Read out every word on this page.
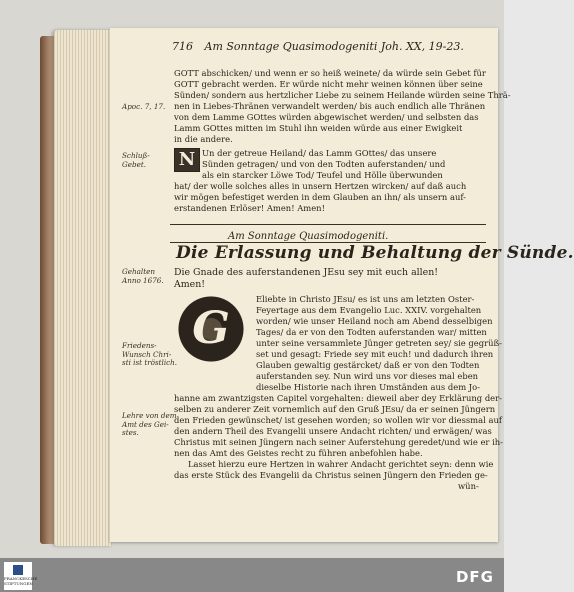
716 Am Sonntage Quasimodogeniti Joh. XX, 19-23.
GOTT abschicken/ und wenn er so heiß weinete/ da würde sein Gebet für
GOTT gebracht werden. Er würde nicht mehr weinen können über seine
Sünden/ sondern aus hertzlicher Liebe zu seinem Heilande würden seine Thrä-
nen in Liebes-Thränen verwandelt werden/ bis auch endlich alle Thränen
von dem Lamme GOttes würden abgewischet werden/ und selbsten das
Lamm GOttes mitten im Stuhl ihn weiden würde aus einer Ewigkeit
in die andere.
Apoc. 7, 17.
Schluß-
Gebet. N Un der getreue Heiland/ das Lamm GOttes/ das unsere
Sünden getragen/ und von den Todten auferstanden/ und
als ein starcker Löwe Tod/ Teufel und Hölle überwunden
hat/ der wolle solches alles in unsern Hertzen wircken/ auf daß auch
wir mögen befestiget werden in dem Glauben an ihn/ als unsern auf-
erstandenen Erlöser! Amen! Amen!
Am Sonntage Quasimodogeniti.
Die Erlassung und Behaltung der Sünde.
Gehalten
Anno 1676.
Die Gnade des auferstandenen JEsu sey mit euch allen!
Amen!
G
Friedens-
Wunsch Chri-
sti ist tröstlich.
Eliebte in Christo JEsu/ es ist uns am letzten Oster-
Feyertage aus dem Evangelio Luc. XXIV. vorgehalten
worden/ wie unser Heiland noch am Abend desselbigen
Tages/ da er von den Todten auferstanden war/ mitten
unter seine versammlete Jünger getreten sey/ sie gegrüß-
set und gesagt: Friede sey mit euch! und dadurch ihren
Glauben gewaltig gestärcket/ daß er von den Todten
auferstanden sey. Nun wird uns vor dieses mal eben
dieselbe Historie nach ihren Umständen aus dem Jo-
Lehre von dem
Amt des Gei-
stes.
hanne am zwantzigsten Capitel vorgehalten: dieweil aber dey Erklärung der-
selben zu anderer Zeit vornemlich auf den Gruß JEsu/ da er seinen Jüngern
den Frieden gewünschet/ ist gesehen worden; so wollen wir vor diessmal auf
den andern Theil des Evangelii unsere Andacht richten/ und erwägen/ was
Christus mit seinen Jüngern nach seiner Auferstehung geredet/und wie er ih-
nen das Amt des Geistes recht zu führen anbefohlen habe.
Lasset hierzu eure Hertzen in wahrer Andacht gerichtet seyn: denn wie
das erste Stück des Evangelii da Christus seinen Jüngern den Frieden ge-
wün-
FRANCKESCHE STIFTUNGEN	DFG
